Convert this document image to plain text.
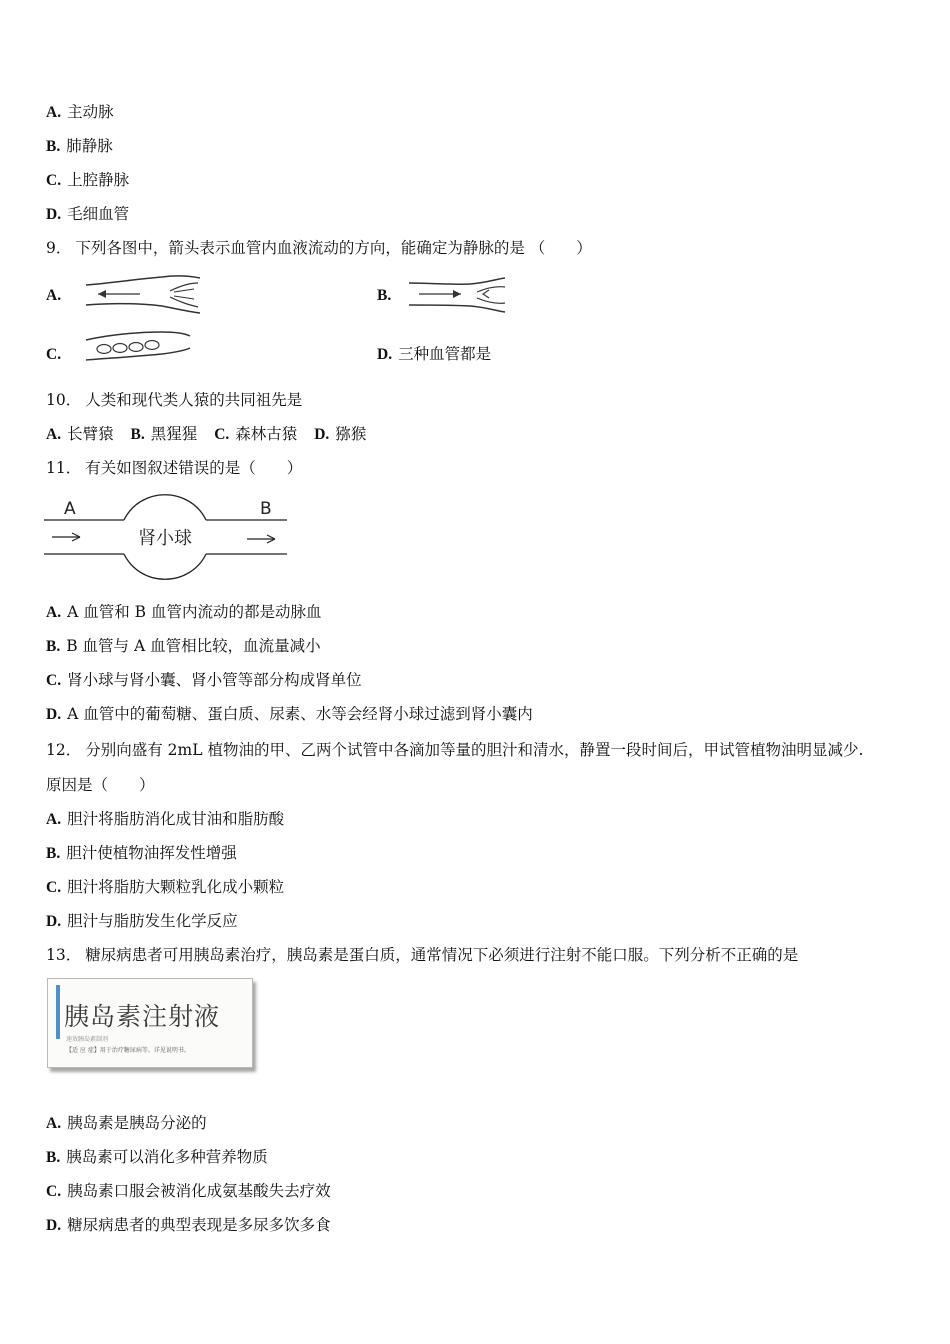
A. 主动脉
B. 肺静脉
C. 上腔静脉
D. 毛细血管
9． 下列各图中，箭头表示血管内血液流动的方向，能确定为静脉的是 （　　）
A.	B.
C.	D. 三种血管都是
10． 人类和现代类人猿的共同祖先是
A. 长臂猿 B. 黑猩猩 C. 森林古猿 D. 猕猴
11． 有关如图叙述错误的是（　　）
A	B
肾小球
A. A 血管和 B 血管内流动的都是动脉血
B. B 血管与 A 血管相比较，血流量减小
C. 肾小球与肾小囊、肾小管等部分构成肾单位
D. A 血管中的葡萄糖、蛋白质、尿素、水等会经肾小球过滤到肾小囊内
12． 分别向盛有 2mL 植物油的甲、乙两个试管中各滴加等量的胆汁和清水，静置一段时间后，甲试管植物油明显减少.
原因是（　　）
A. 胆汁将脂肪消化成甘油和脂肪酸
B. 胆汁使植物油挥发性增强
C. 胆汁将脂肪大颗粒乳化成小颗粒
D. 胆汁与脂肪发生化学反应
13． 糖尿病患者可用胰岛素治疗，胰岛素是蛋白质，通常情况下必须进行注射不能口服。下列分析不正确的是
胰岛素注射液
速效胰岛素制剂
【适 应 症】用于治疗糖尿病等。详见说明书。
A. 胰岛素是胰岛分泌的
B. 胰岛素可以消化多种营养物质
C. 胰岛素口服会被消化成氨基酸失去疗效
D. 糖尿病患者的典型表现是多尿多饮多食
